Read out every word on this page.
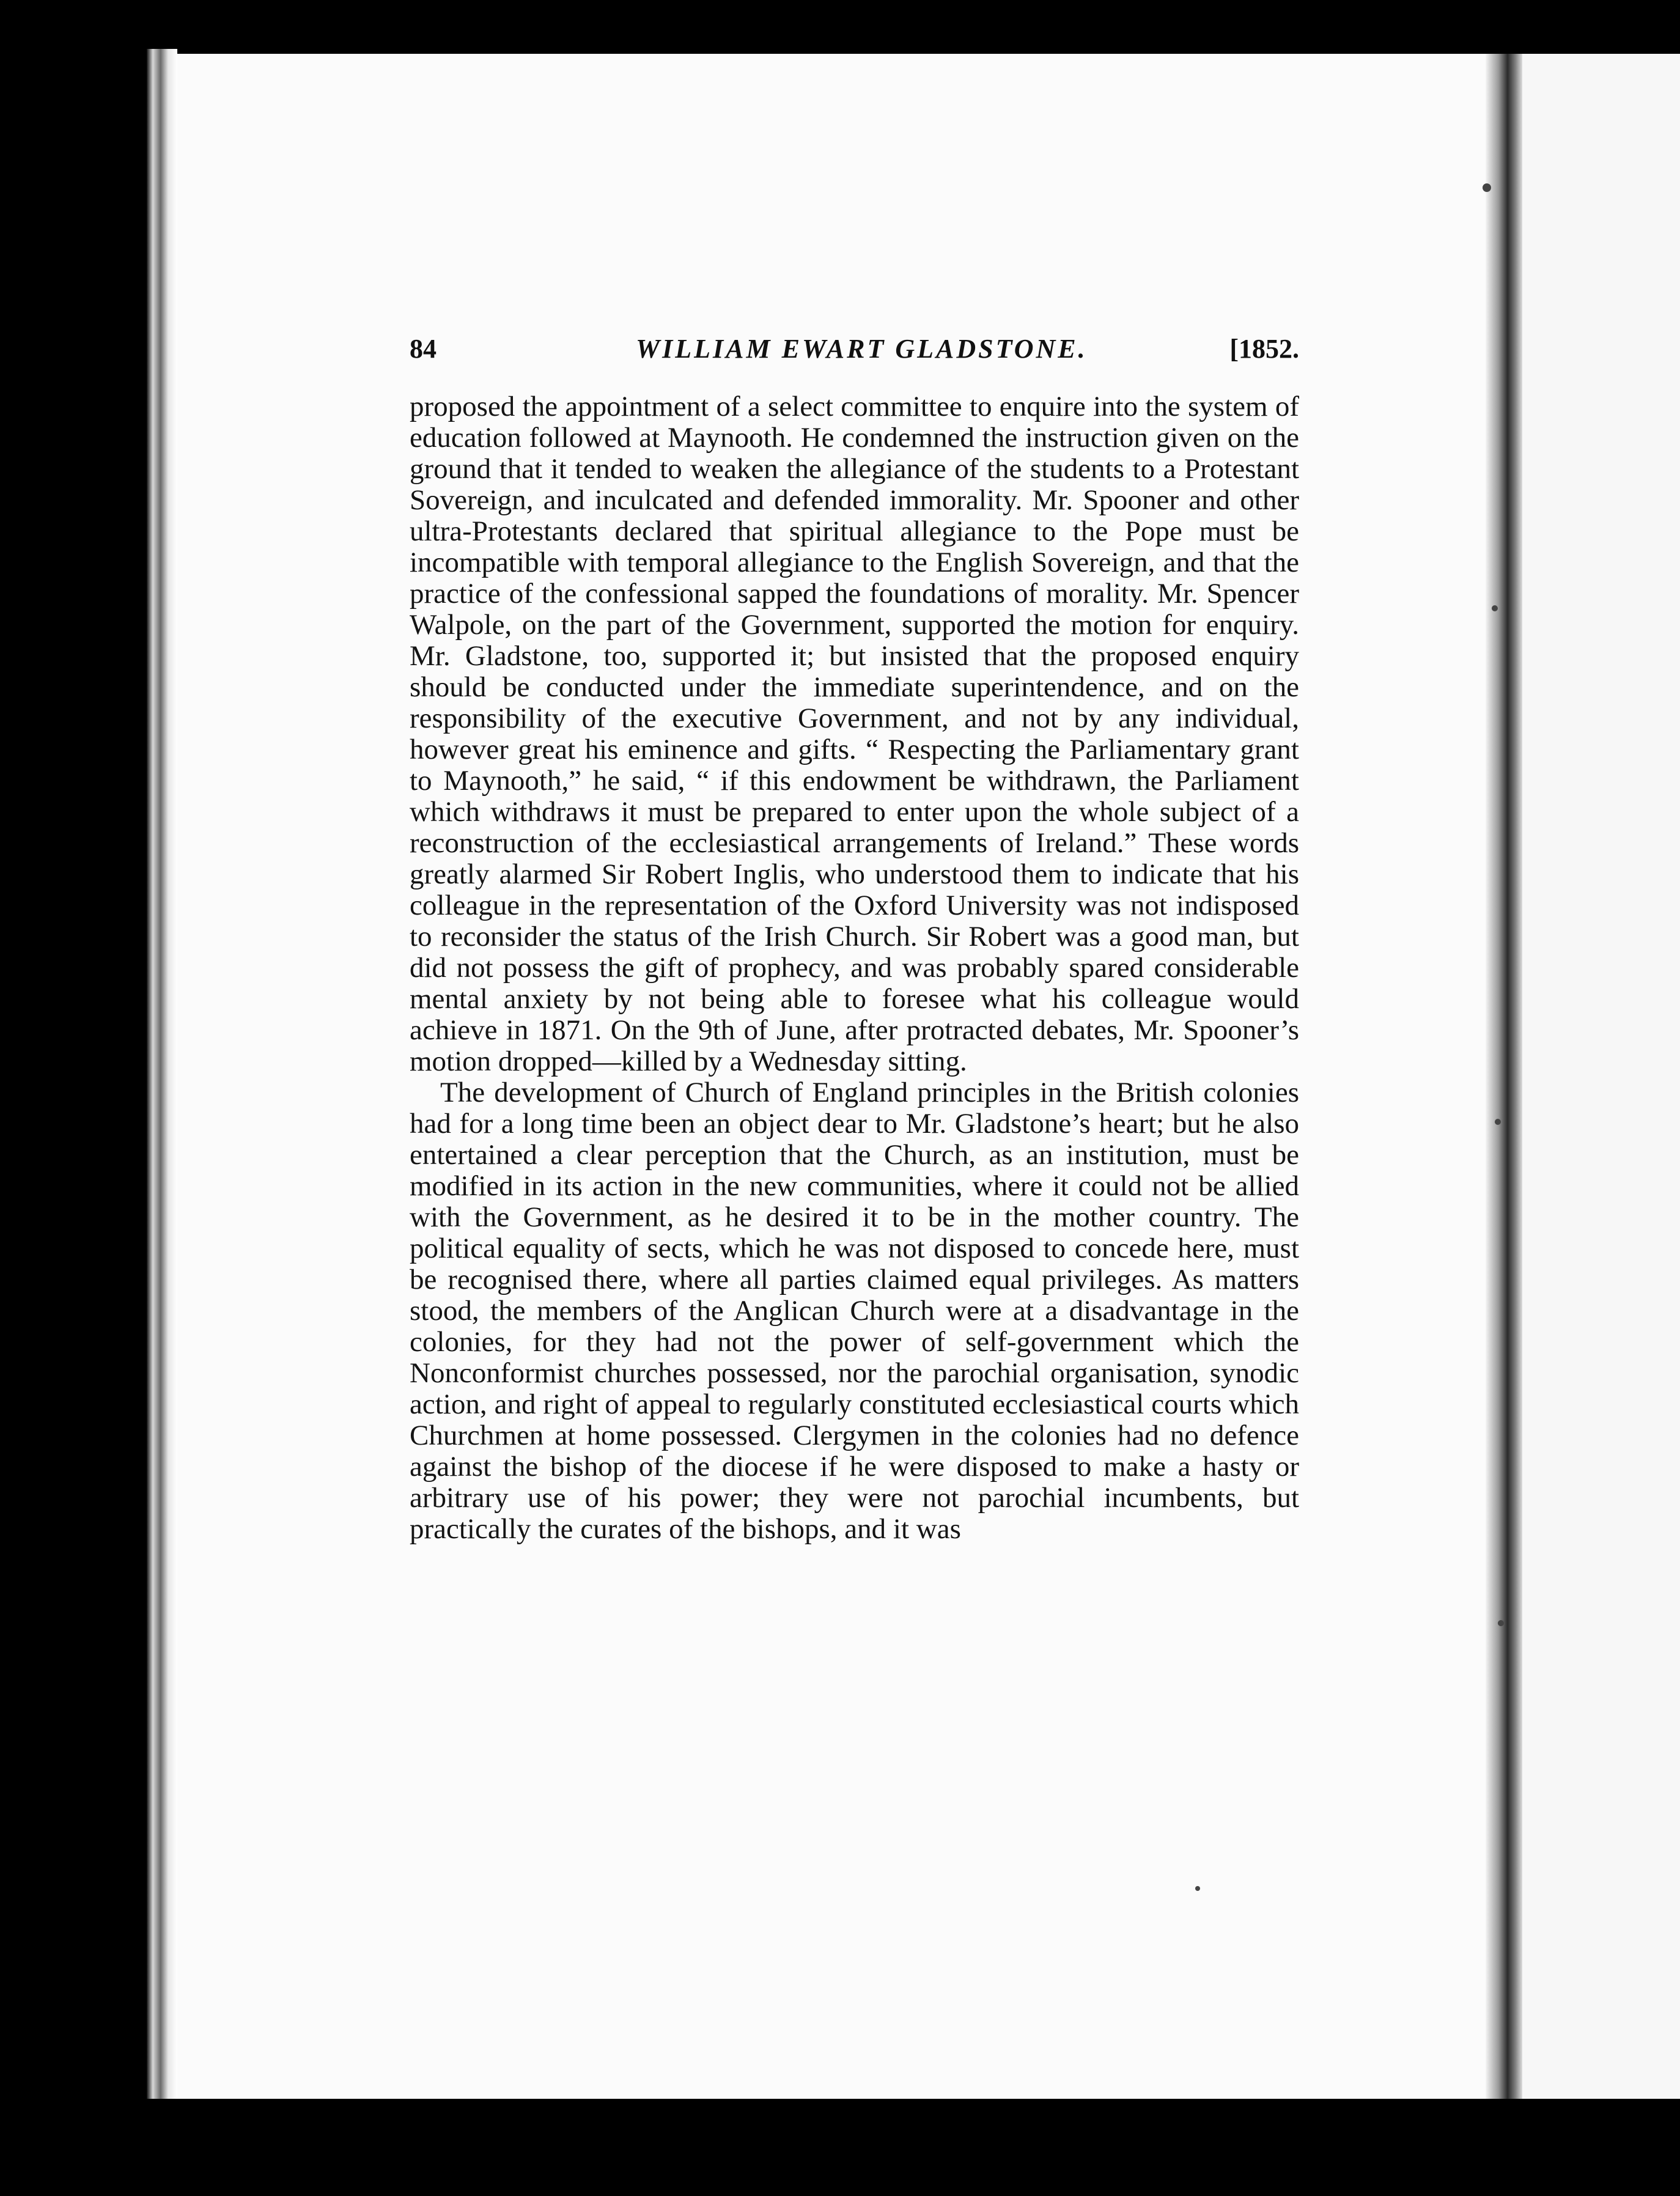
84	WILLIAM EWART GLADSTONE.	[1852.

proposed the appointment of a select committee to enquire into the system of education followed at Maynooth. He condemned the instruction given on the ground that it tended to weaken the allegiance of the students to a Protestant Sovereign, and inculcated and defended immorality. Mr. Spooner and other ultra-Protestants declared that spiritual allegiance to the Pope must be incompatible with temporal allegiance to the English Sovereign, and that the practice of the confessional sapped the foundations of morality. Mr. Spencer Walpole, on the part of the Government, supported the motion for enquiry. Mr. Gladstone, too, supported it; but insisted that the proposed enquiry should be conducted under the immediate superintendence, and on the responsibility of the executive Government, and not by any individual, however great his eminence and gifts. “ Respecting the Parliamentary grant to Maynooth,” he said, “ if this endowment be withdrawn, the Parliament which withdraws it must be prepared to enter upon the whole subject of a reconstruction of the ecclesiastical arrangements of Ireland.” These words greatly alarmed Sir Robert Inglis, who understood them to indicate that his colleague in the representation of the Oxford University was not indisposed to reconsider the status of the Irish Church. Sir Robert was a good man, but did not possess the gift of prophecy, and was probably spared considerable mental anxiety by not being able to foresee what his colleague would achieve in 1871. On the 9th of June, after protracted debates, Mr. Spooner’s motion dropped—killed by a Wednesday sitting.

The development of Church of England principles in the British colonies had for a long time been an object dear to Mr. Gladstone’s heart; but he also entertained a clear perception that the Church, as an institution, must be modified in its action in the new communities, where it could not be allied with the Government, as he desired it to be in the mother country. The political equality of sects, which he was not disposed to concede here, must be recognised there, where all parties claimed equal privileges. As matters stood, the members of the Anglican Church were at a disadvantage in the colonies, for they had not the power of self-government which the Nonconformist churches possessed, nor the parochial organisation, synodic action, and right of appeal to regularly constituted ecclesiastical courts which Churchmen at home possessed. Clergymen in the colonies had no defence against the bishop of the diocese if he were disposed to make a hasty or arbitrary use of his power; they were not parochial incumbents, but practically the curates of the bishops, and it was
